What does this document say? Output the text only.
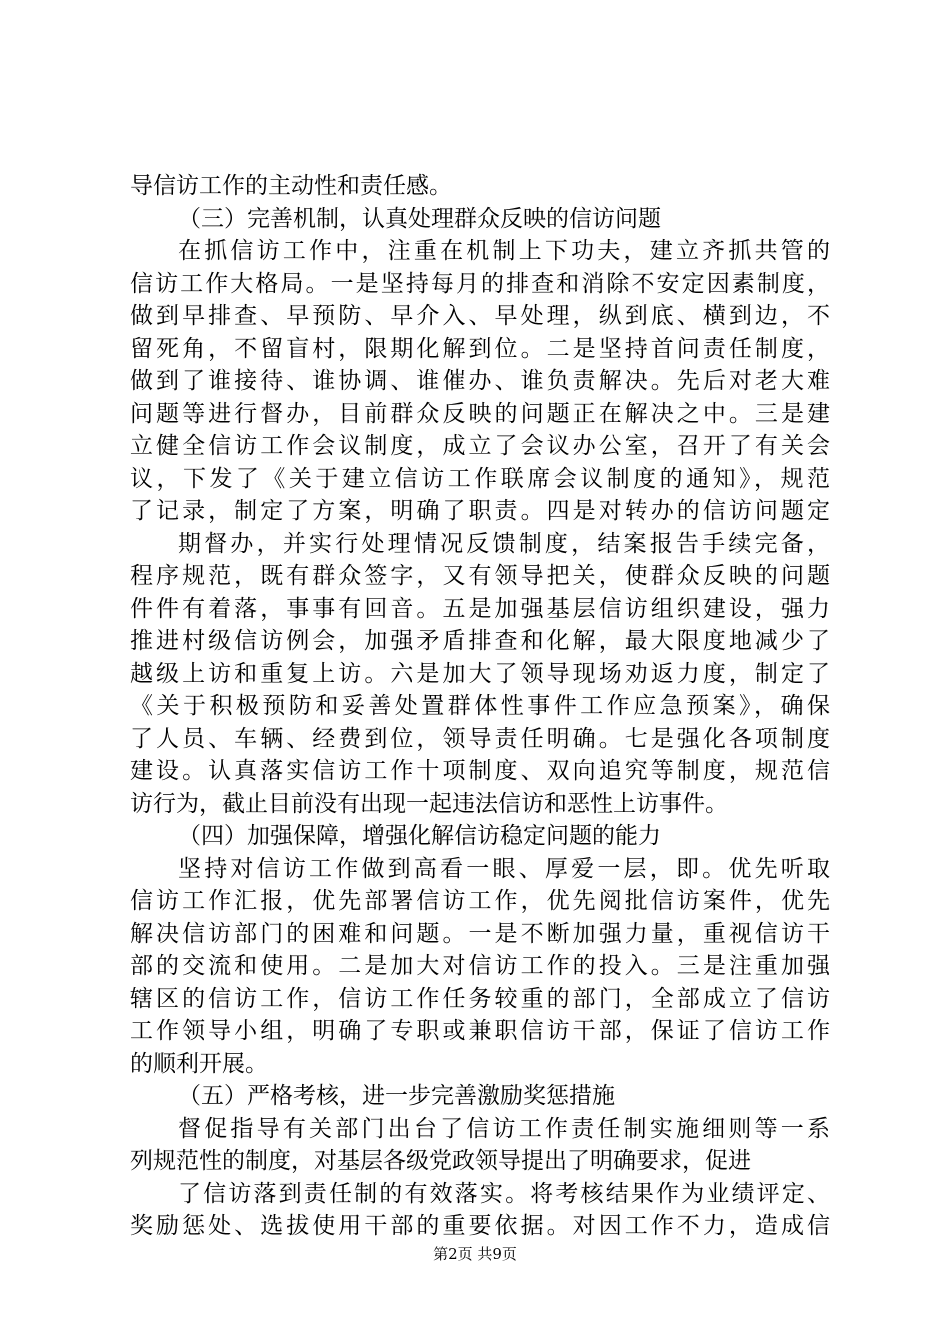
导信访工作的主动性和责任感。
（三）完善机制，认真处理群众反映的信访问题
在抓信访工作中，注重在机制上下功夫，建立齐抓共管的
信访工作大格局。一是坚持每月的排查和消除不安定因素制度，
做到早排查、早预防、早介入、早处理，纵到底、横到边，不
留死角，不留盲村，限期化解到位。二是坚持首问责任制度，
做到了谁接待、谁协调、谁催办、谁负责解决。先后对老大难
问题等进行督办，目前群众反映的问题正在解决之中。三是建
立健全信访工作会议制度，成立了会议办公室，召开了有关会
议，下发了《关于建立信访工作联席会议制度的通知》，规范
了记录，制定了方案，明确了职责。四是对转办的信访问题定
期督办，并实行处理情况反馈制度，结案报告手续完备，
程序规范，既有群众签字，又有领导把关，使群众反映的问题
件件有着落，事事有回音。五是加强基层信访组织建设，强力
推进村级信访例会，加强矛盾排查和化解，最大限度地减少了
越级上访和重复上访。六是加大了领导现场劝返力度，制定了
《关于积极预防和妥善处置群体性事件工作应急预案》，确保
了人员、车辆、经费到位，领导责任明确。七是强化各项制度
建设。认真落实信访工作十项制度、双向追究等制度，规范信
访行为，截止目前没有出现一起违法信访和恶性上访事件。
（四）加强保障，增强化解信访稳定问题的能力
坚持对信访工作做到高看一眼、厚爱一层，即。优先听取
信访工作汇报，优先部署信访工作，优先阅批信访案件，优先
解决信访部门的困难和问题。一是不断加强力量，重视信访干
部的交流和使用。二是加大对信访工作的投入。三是注重加强
辖区的信访工作，信访工作任务较重的部门，全部成立了信访
工作领导小组，明确了专职或兼职信访干部，保证了信访工作
的顺利开展。
（五）严格考核，进一步完善激励奖惩措施
督促指导有关部门出台了信访工作责任制实施细则等一系
列规范性的制度，对基层各级党政领导提出了明确要求，促进
了信访落到责任制的有效落实。将考核结果作为业绩评定、
奖励惩处、选拔使用干部的重要依据。对因工作不力，造成信
第2页 共9页
